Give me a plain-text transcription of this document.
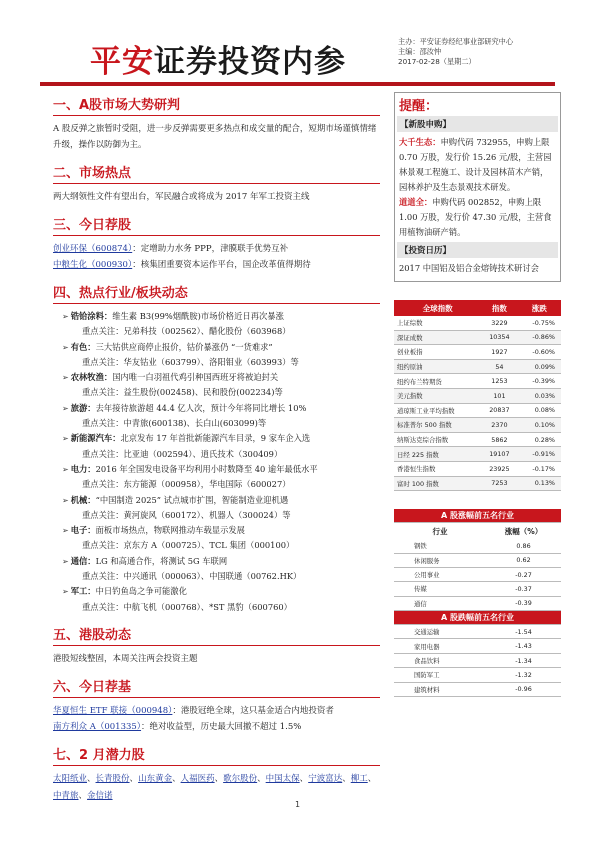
平安证券投资内参
主办：平安证券经纪事业部研究中心
主编：邵汝忡
2017-02-28（星期二）
一、A股市场大势研判
A 股反弹之旅暂时受阻，进一步反弹需要更多热点和成交量的配合，短期市场谨慎情绪升级，操作以防御为主。
二、市场热点
两大纲领性文件有望出台，军民融合或将成为 2017 年军工投资主线
三、今日荐股
创业环保（600874）：定增助力水务 PPP，津膜联手优势互补
中粮生化（000930）：核集团重要资本运作平台，国企改革值得期待
四、热点行业/板块动态
➢ 锆铪涂料：维生素 B3(99%烟酰胺)市场价格近日再次暴涨
重点关注：兄弟科技（002562）、醋化股份（603968）
➢ 有色：三大钴供应商停止报价，钴价暴涨仍 “一货难求”
重点关注：华友钴业（603799）、洛阳钼业（603993）等
➢ 农林牧渔：国内唯一白羽祖代鸡引种国西班牙将被迫封关
重点关注：益生股份(002458)、民和股份(002234)等
➢ 旅游：去年接待旅游超 44.4 亿人次，预计今年将同比增长 10%
重点关注：中青旅(600138)、长白山(603099)等
➢ 新能源汽车：北京发布 17 年首批新能源汽车目录，9 家车企入选
重点关注：比亚迪（002594）、逍氏技术（300409）
➢ 电力：2016 年全国发电设备平均利用小时数降至 40 逾年最低水平
重点关注：东方能源（000958），华电国际（600027）
➢ 机械：“中国制造 2025” 试点城市扩围，智能制造业迎机遇
重点关注：黄河旋风（600172）、机器人（300024）等
➢ 电子：面板市场热点，物联网推动车载显示发展
重点关注：京东方 A（000725）、TCL 集团（000100）
➢ 通信：LG 和高通合作，将测试 5G 车联网
重点关注：中兴通讯（000063）、中国联通（00762.HK）
➢ 军工：中日钓鱼岛之争可能激化
重点关注：中航飞机（000768）、*ST 黑豹（600760）
五、港股动态
港股短线整固，本周关注两会投资主题
六、今日荐基
华夏恒生 ETF 联接（000948）：港股冠绝全球，这只基金适合内地投资者
南方利众 A（001335）：绝对收益型，历史最大回撤不超过 1.5%
七、2 月潜力股
太阳纸业、长青股份、山东黄金、人福医药、歌尔股份、中国太保、宁波富达、柳工、中青旅、金信诺
提醒：
【新股申购】
大千生态：申购代码 732955，申购上限 0.70 万股，发行价 15.26 元/股，主营园林景观工程施工、设计及园林苗木产销，园林养护及生态景观技术研发。
道道全：申购代码 002852，申购上限 1.00 万股，发行价 47.30 元/股，主营食用植物油研产销。
【投资日历】
2017 中国铝及铝合金熔铸技术研讨会
全球指数	指数	涨跌
上证综数	3229	-0.75%
深证成数	10354	-0.86%
创业板指	1927	-0.60%
纽约原油	54	0.09%
纽约布兰特期货	1253	-0.39%
美元指数	101	0.03%
道琼斯工业平均指数	20837	0.08%
标准普尔 500 指数	2370	0.10%
纳斯达克综合指数	5862	0.28%
日经 225 指数	19107	-0.91%
香港恒生指数	23925	-0.17%
富时 100 指数	7253	0.13%
A 股涨幅前五名行业	
行业	涨幅（%）
钢铁	0.86
休闲服务	0.62
公用事业	-0.27
传媒	-0.37
通信	-0.39
A 股跌幅前五名行业	
交通运输	-1.54
家用电器	-1.43
食品饮料	-1.34
国防军工	-1.32
建筑材料	-0.96
1
